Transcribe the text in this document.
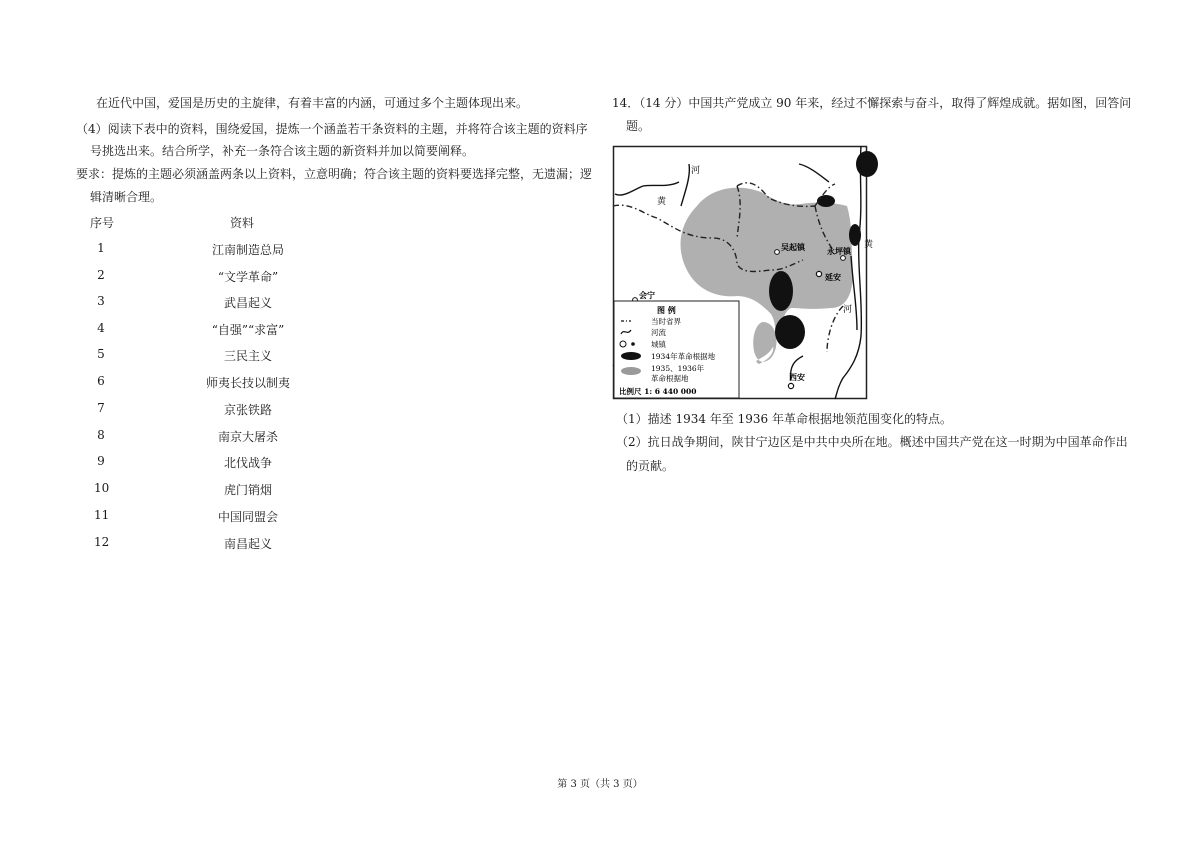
在近代中国，爱国是历史的主旋律，有着丰富的内涵，可通过多个主题体现出来。
（4）阅读下表中的资料，围绕爱国，提炼一个涵盖若干条资料的主题，并将符合该主题的资料序
号挑选出来。结合所学，补充一条符合该主题的新资料并加以简要阐释。
要求：提炼的主题必须涵盖两条以上资料，立意明确；符合该主题的资料要选择完整，无遗漏；逻
辑清晰合理。
序号	资料
1	江南制造总局
2	“文学革命”
3	武昌起义
4	“自强”“求富”
5	三民主义
6	师夷长技以制夷
7	京张铁路
8	南京大屠杀
9	北伐战争
10	虎门销烟
11	中国同盟会
12	南昌起义
14．（14 分）中国共产党成立 90 年来，经过不懈探索与奋斗，取得了辉煌成就。据如图，回答问
题。
河
黄
黄
河
吴起镇	永坪镇
延安
会宁
西安
图 例
当时省界
河流
城镇
1934年革命根据地
1935、1936年
革命根据地
比例尺 1: 6 440 000
（1）描述 1934 年至 1936 年革命根据地领范围变化的特点。
（2）抗日战争期间，陕甘宁边区是中共中央所在地。概述中国共产党在这一时期为中国革命作出
的贡献。
第 3 页（共 3 页）
